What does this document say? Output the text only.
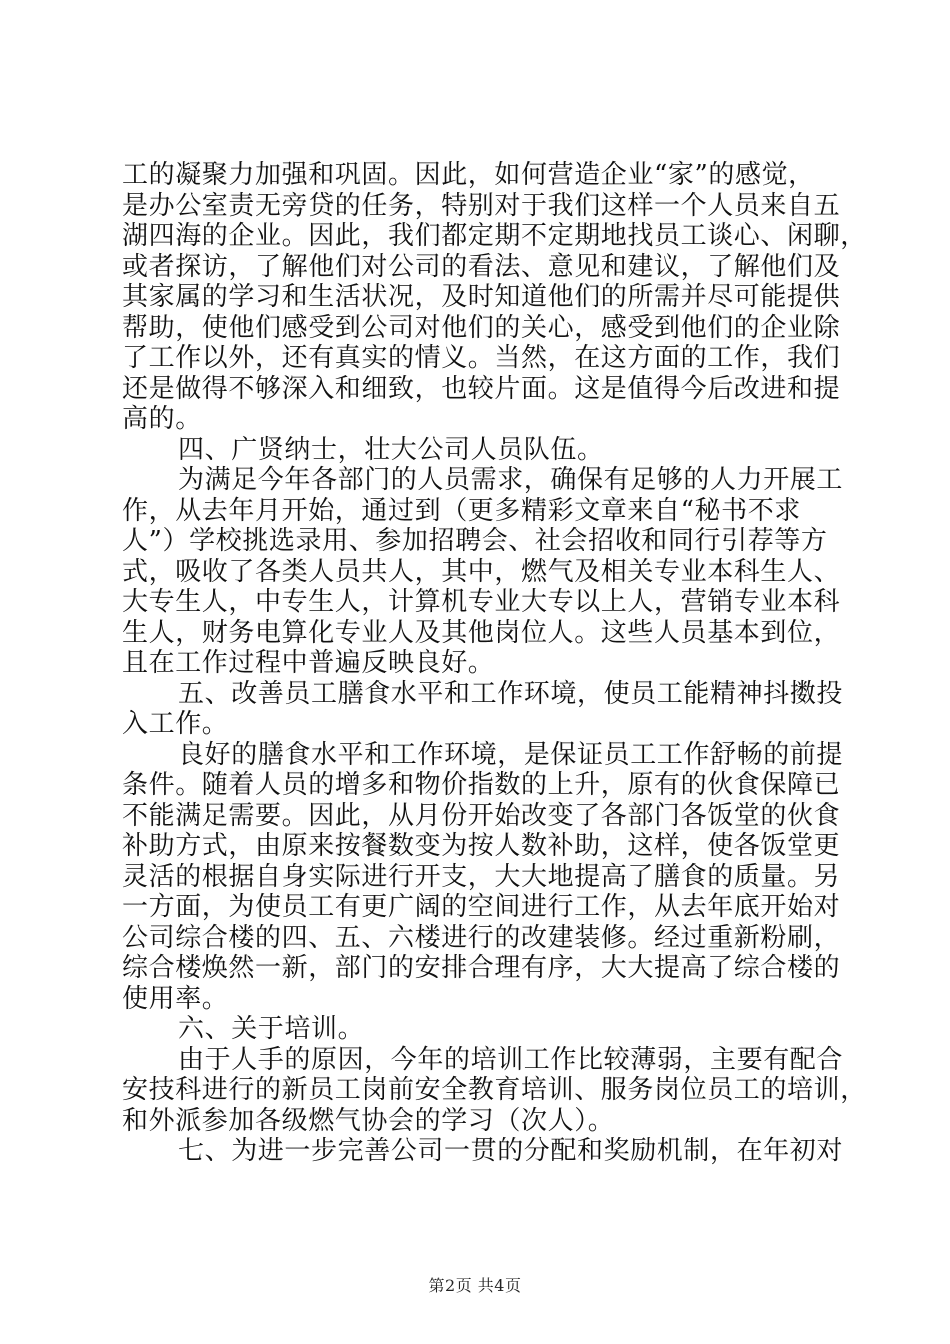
工的凝聚力加强和巩固。因此，如何营造企业“家”的感觉，
是办公室责无旁贷的任务，特别对于我们这样一个人员来自五
湖四海的企业。因此，我们都定期不定期地找员工谈心、闲聊，
或者探访，了解他们对公司的看法、意见和建议，了解他们及
其家属的学习和生活状况，及时知道他们的所需并尽可能提供
帮助，使他们感受到公司对他们的关心，感受到他们的企业除
了工作以外，还有真实的情义。当然，在这方面的工作，我们
还是做得不够深入和细致，也较片面。这是值得今后改进和提
高的。
四、广贤纳士，壮大公司人员队伍。
为满足今年各部门的人员需求，确保有足够的人力开展工
作，从去年月开始，通过到（更多精彩文章来自“秘书不求
人”）学校挑选录用、参加招聘会、社会招收和同行引荐等方
式，吸收了各类人员共人，其中，燃气及相关专业本科生人、
大专生人，中专生人，计算机专业大专以上人，营销专业本科
生人，财务电算化专业人及其他岗位人。这些人员基本到位，
且在工作过程中普遍反映良好。
五、改善员工膳食水平和工作环境，使员工能精神抖擞投
入工作。
良好的膳食水平和工作环境，是保证员工工作舒畅的前提
条件。随着人员的增多和物价指数的上升，原有的伙食保障已
不能满足需要。因此，从月份开始改变了各部门各饭堂的伙食
补助方式，由原来按餐数变为按人数补助，这样，使各饭堂更
灵活的根据自身实际进行开支，大大地提高了膳食的质量。另
一方面，为使员工有更广阔的空间进行工作，从去年底开始对
公司综合楼的四、五、六楼进行的改建装修。经过重新粉刷，
综合楼焕然一新，部门的安排合理有序，大大提高了综合楼的
使用率。
六、关于培训。
由于人手的原因，今年的培训工作比较薄弱，主要有配合
安技科进行的新员工岗前安全教育培训、服务岗位员工的培训，
和外派参加各级燃气协会的学习（次人）。
七、为进一步完善公司一贯的分配和奖励机制，在年初对
第2页 共4页
